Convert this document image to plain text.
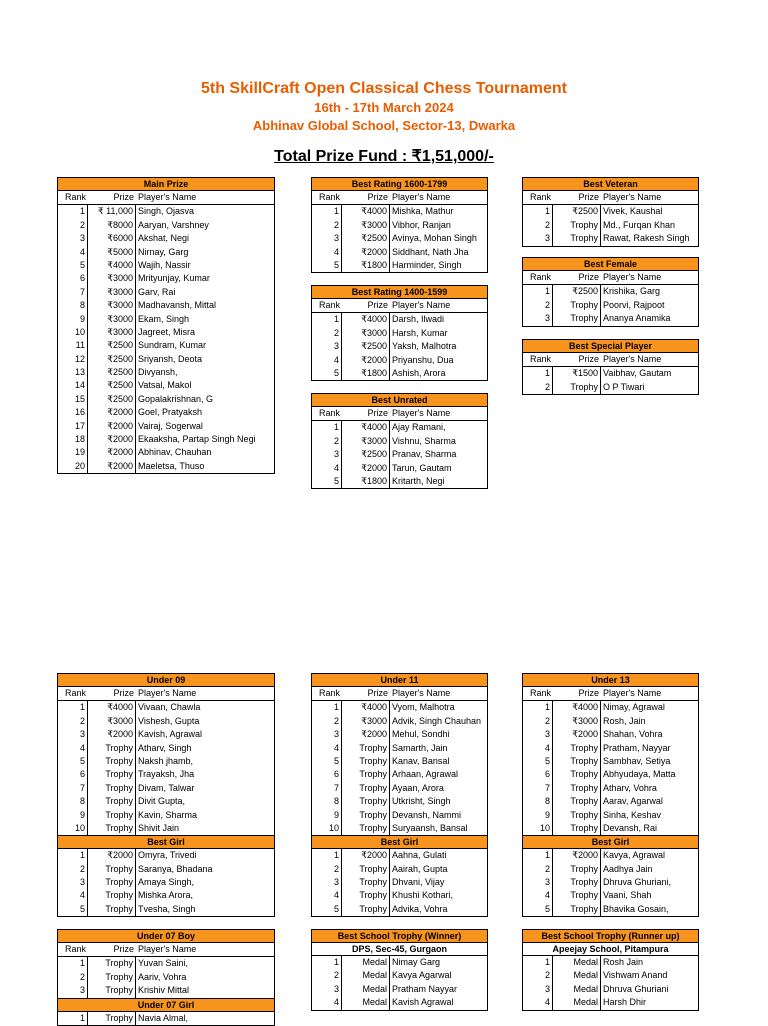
5th SkillCraft Open Classical Chess Tournament
16th - 17th March 2024
Abhinav Global School, Sector-13, Dwarka
Total Prize Fund : ₹1,51,000/-
Main Prize
Rank	Prize Player's Name
1	₹ 11,000 Singh, Ojasva
2	₹8000 Aaryan, Varshney
3	₹6000 Akshat, Negi
4	₹5000 Nirnay, Garg
5	₹4000 Wajih, Nassir
6	₹3000 Mrityunjay, Kumar
7	₹3000 Garv, Rai
8	₹3000 Madhavansh, Mittal
9	₹3000 Ekam, Singh
10	₹3000 Jagreet, Misra
11	₹2500 Sundram, Kumar
12	₹2500 Sriyansh, Deota
13	₹2500 Divyansh,
14	₹2500 Vatsal, Makol
15	₹2500 Gopalakrishnan, G
16	₹2000 Goel, Pratyaksh
17	₹2000 Vairaj, Sogerwal
18	₹2000 Ekaaksha, Partap Singh Negi
19	₹2000 Abhinav, Chauhan
20	₹2000 Maeletsa, Thuso
Best Rating 1600-1799
Rank	Prize Player's Name
1	₹4000 Mishka, Mathur
2	₹3000 Vibhor, Ranjan
3	₹2500 Avinya, Mohan Singh
4	₹2000 Siddhant, Nath Jha
5	₹1800 Harminder, Singh
Best Rating 1400-1599
Rank	Prize Player's Name
1	₹4000 Darsh, Ilwadi
2	₹3000 Harsh, Kumar
3	₹2500 Yaksh, Malhotra
4	₹2000 Priyanshu, Dua
5	₹1800 Ashish, Arora
Best Unrated
Rank	Prize Player's Name
1	₹4000 Ajay Ramani,
2	₹3000 Vishnu, Sharma
3	₹2500 Pranav, Sharma
4	₹2000 Tarun, Gautam
5	₹1800 Kritarth, Negi
Best Veteran
Rank	Prize Player's Name
1	₹2500 Vivek, Kaushal
2	Trophy Md., Furqan Khan
3	Trophy Rawat, Rakesh Singh
Best Female
Rank	Prize Player's Name
1	₹2500 Krishika, Garg
2	Trophy Poorvi, Rajpoot
3	Trophy Ananya Anamika
Best Special Player
Rank	Prize Player's Name
1	₹1500 Vaibhav, Gautam
2	Trophy O P Tiwari
Under 09
Rank	Prize Player's Name
1	₹4000 Vivaan, Chawla
2	₹3000 Vishesh, Gupta
3	₹2000 Kavish, Agrawal
4	Trophy Atharv, Singh
5	Trophy Naksh jhamb,
6	Trophy Trayaksh, Jha
7	Trophy Divam, Talwar
8	Trophy Divit Gupta,
9	Trophy Kavin, Sharma
10	Trophy Shivit Jain
Best Girl
1	₹2000 Omyra, Trivedi
2	Trophy Saranya, Bhadana
3	Trophy Amaya Singh,
4	Trophy Mishka Arora,
5	Trophy Tvesha, Singh
Under 11
Rank	Prize Player's Name
1	₹4000 Vyom, Malhotra
2	₹3000 Advik, Singh Chauhan
3	₹2000 Mehul, Sondhi
4	Trophy Samarth, Jain
5	Trophy Kanav, Bansal
6	Trophy Arhaan, Agrawal
7	Trophy Ayaan, Arora
8	Trophy Utkrisht, Singh
9	Trophy Devansh, Nammi
10	Trophy Suryaansh, Bansal
Best Girl
1	₹2000 Aahna, Gulati
2	Trophy Aairah, Gupta
3	Trophy Dhvani, Vijay
4	Trophy Khushi Kothari,
5	Trophy Advika, Vohra
Under 13
Rank	Prize Player's Name
1	₹4000 Nimay, Agrawal
2	₹3000 Rosh, Jain
3	₹2000 Shahan, Vohra
4	Trophy Pratham, Nayyar
5	Trophy Sambhav, Setiya
6	Trophy Abhyudaya, Matta
7	Trophy Atharv, Vohra
8	Trophy Aarav, Agarwal
9	Trophy Sinha, Keshav
10	Trophy Devansh, Rai
Best Girl
1	₹2000 Kavya, Agrawal
2	Trophy Aadhya Jain
3	Trophy Dhruva Ghuriani,
4	Trophy Vaani, Shah
5	Trophy Bhavika Gosain,
Under 07 Boy
Rank	Prize Player's Name
1	Trophy Yuvan Saini,
2	Trophy Aariv, Vohra
3	Trophy Krishiv Mittal
Under 07 Girl
1	Trophy Navia Almal,
Best School Trophy (Winner)
DPS, Sec-45, Gurgaon
1	Medal Nimay Garg
2	Medal Kavya Agarwal
3	Medal Pratham Nayyar
4	Medal Kavish Agrawal
Best School Trophy (Runner up)
Apeejay School, Pitampura
1	Medal Rosh Jain
2	Medal Vishwam Anand
3	Medal Dhruva Ghuriani
4	Medal Harsh Dhir
